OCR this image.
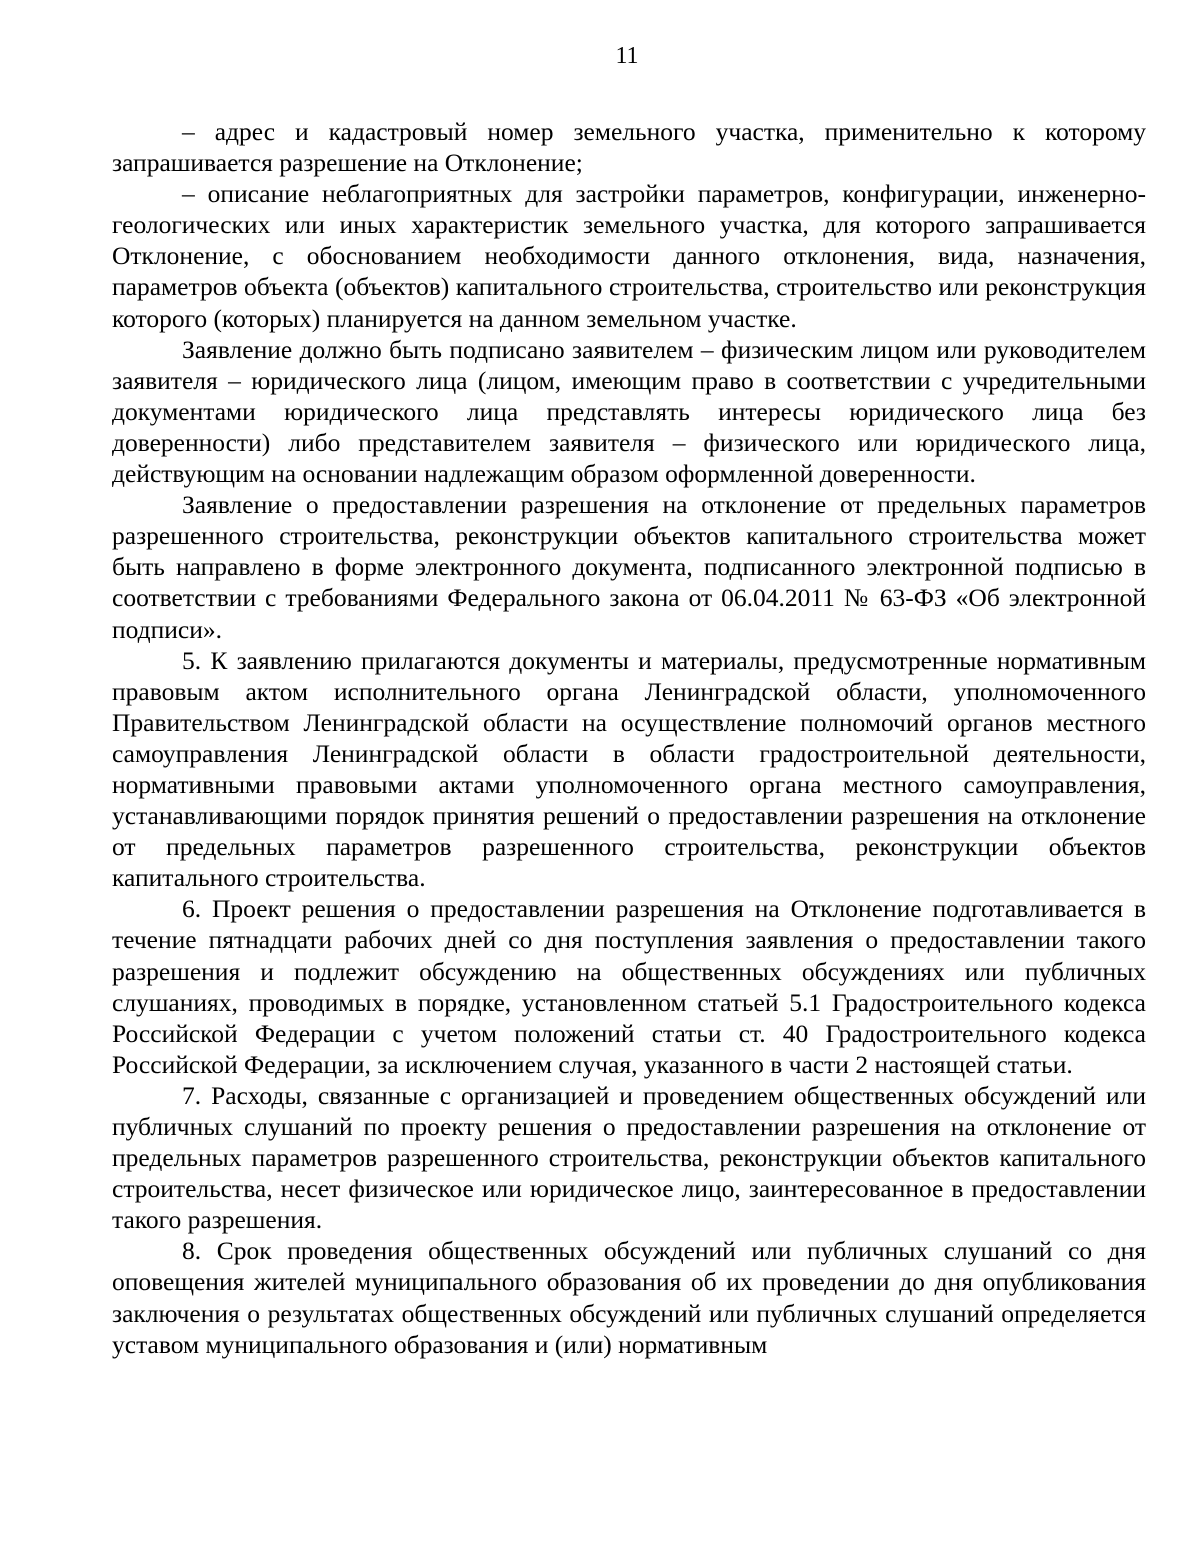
11

– адрес и кадастровый номер земельного участка, применительно к которому запрашивается разрешение на Отклонение;

– описание неблагоприятных для застройки параметров, конфигурации, инженерно-геологических или иных характеристик земельного участка, для которого запрашивается Отклонение, с обоснованием необходимости данного отклонения, вида, назначения, параметров объекта (объектов) капитального строительства, строительство или реконструкция которого (которых) планируется на данном земельном участке.

Заявление должно быть подписано заявителем – физическим лицом или руководителем заявителя – юридического лица (лицом, имеющим право в соответствии с учредительными документами юридического лица представлять интересы юридического лица без доверенности) либо представителем заявителя – физического или юридического лица, действующим на основании надлежащим образом оформленной доверенности.

Заявление о предоставлении разрешения на отклонение от предельных параметров разрешенного строительства, реконструкции объектов капитального строительства может быть направлено в форме электронного документа, подписанного электронной подписью в соответствии с требованиями Федерального закона от 06.04.2011 № 63-ФЗ «Об электронной подписи».

5. К заявлению прилагаются документы и материалы, предусмотренные нормативным правовым актом исполнительного органа Ленинградской области, уполномоченного Правительством Ленинградской области на осуществление полномочий органов местного самоуправления Ленинградской области в области градостроительной деятельности, нормативными правовыми актами уполномоченного органа местного самоуправления, устанавливающими порядок принятия решений о предоставлении разрешения на отклонение от предельных параметров разрешенного строительства, реконструкции объектов капитального строительства.

6. Проект решения о предоставлении разрешения на Отклонение подготавливается в течение пятнадцати рабочих дней со дня поступления заявления о предоставлении такого разрешения и подлежит обсуждению на общественных обсуждениях или публичных слушаниях, проводимых в порядке, установленном статьей 5.1 Градостроительного кодекса Российской Федерации с учетом положений статьи ст. 40 Градостроительного кодекса Российской Федерации, за исключением случая, указанного в части 2 настоящей статьи.

7. Расходы, связанные с организацией и проведением общественных обсуждений или публичных слушаний по проекту решения о предоставлении разрешения на отклонение от предельных параметров разрешенного строительства, реконструкции объектов капитального строительства, несет физическое или юридическое лицо, заинтересованное в предоставлении такого разрешения.

8. Срок проведения общественных обсуждений или публичных слушаний со дня оповещения жителей муниципального образования об их проведении до дня опубликования заключения о результатах общественных обсуждений или публичных слушаний определяется уставом муниципального образования и (или) нормативным
